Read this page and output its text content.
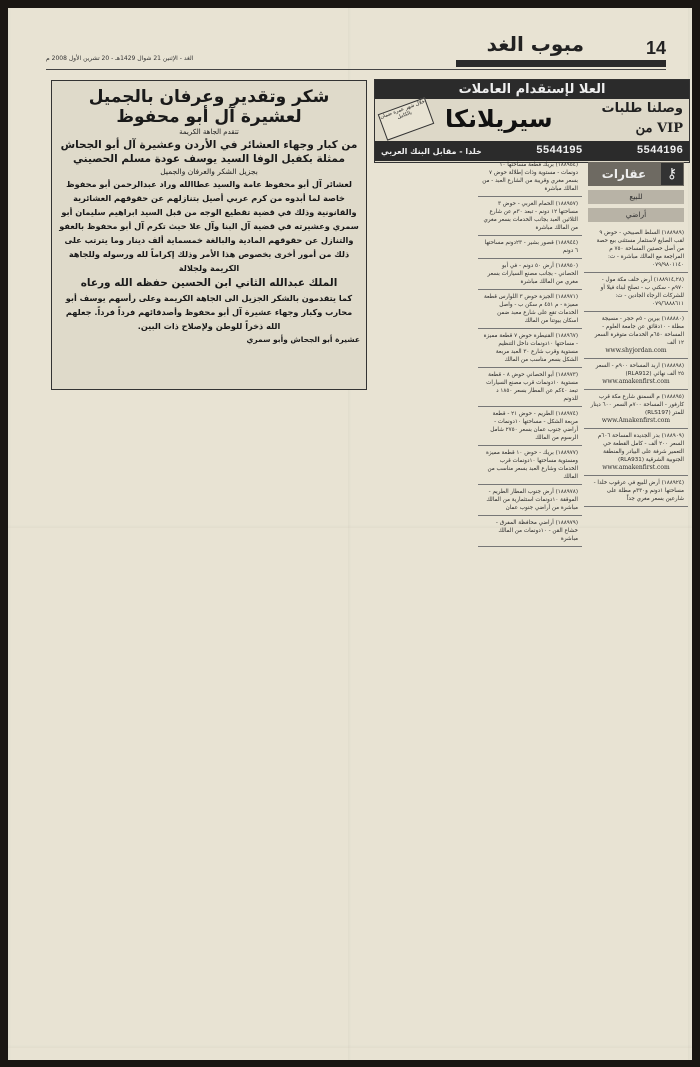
14
مبوب الغد
الغد - الإثنين 21 شوال 1429هـ - 20 تشرين الأول 2008 م
العلا لإستقدام العاملات
وصلنا طلبات
VIP من
سيريلانكا
خلال شهر عمرة ضمان بالكامل
خلدا - مقابل البنك العربي	5544195	5544196
شكر وتقدير وعرفان بالجميل
لعشيرة آل أبو محفوظ
تتقدم الجاهة الكريمة
من كبار وجهاء العشائر في الأردن وعشيرة آل أبو الجحاش
ممثلة بكفيل الوفا السيد يوسف عودة مسلم الحصيني
بجزيل الشكر والعرفان والجميل
لعشائر آل أبو محفوظ عامة والسيد عطاالله وراد عبدالرحمن أبو محفوظ خاصة لما أبدوه من كرم عربي أصيل بتنازلهم عن حقوقهم العشائرية والقانونية وذلك في قضية تقطيع الوجه من قبل السيد ابراهيم سليمان أبو سمري وعشيرته في قضية آل البنا وآل علا حيث تكرم آل أبو محفوظ بالعفو والتنازل عن حقوقهم المادية والبالغة خمسماية ألف دينار وما يترتب على ذلك من أمور أخرى بخصوص هذا الأمر وذلك إكراماً لله ورسوله وللجاهة الكريمة ولجلالة
الملك عبدالله الثاني ابن الحسين حفظه الله ورعاه
كما يتقدمون بالشكر الجزيل الى الجاهة الكريمة وعلى رأسهم يوسف أبو محارب وكبار وجهاء عشيرة آل أبو محفوظ وأصدقائهم فرداً فرداً. جعلهم الله ذخراً للوطن ولإصلاح ذات البين.
عشيرة أبو الجحاش وأبو سمري
⚷
عقارات
للبيع
أراضي
(١٨٨٩٨٩) السلط الصبيحي - حوض ٩ لقب الصايغ لاستثمار مستثنى بيع حصة من أصل حصتين المساحة ٧٥٠ م المراجعة مع المالك مباشرة - ت: ٠٧٩/٩٨٠١١٤٠
(١٨٨٩١٤,٢٨) أرض خلف مكة مول - ٩٧٠م - سكني ب - تصلح لبناء فيلا أو للشركات الرجاء الجادين - ت: ٠٧٩/٦٨٨٨٦١١
(١٨٨٨٨٠) بيرين - ٥م حجر - مسيجة مطلة - ١٠دقائق عن جامعة العلوم - المساحة ٦٥٠م الخدمات متوفرة السعر ١٢ ألف
www.shyjordan.com
(١٨٨٨٩٨) اربد المساحة ٩٠٠م - السعر ٢٥ ألف نهائي (RLA912)
www.amakenfirst.com
(١٨٨٨٩٥) م السمنق شارع مكة قرب كارفور - المساحة ٧٠٠م السعر ٦٠٠ دينار للمتر (RLS197)
www.Amakenfirst.com
(١٨٨٩٠٩) بدر الجديدة المساحة ٦٠٦م السعر ٢٠٠ ألف - كامل القطعة حي التعمير شرفة على البيادر والمنطقة الجنوبية الشرقية (RLA931)
www.amakenfirst.com
(١٨٨٩٢٤) أرض للبيع في عرقوب خلدا - مساحتها ١دونم و٣٣٠م مطلة على شارعين بسعر مغري جداً
(١٨٨٩٥٤) بريك قطعة مساحتها ١٠ دونمات - مستوية وذات إطلالة حوض ٧ بسعر مغري وقريبة من الشارع العبد - من المالك مباشرة
(١٨٨٩٥٧) الحمام الغربي - حوض ٣ مساحتها ١٢ دونم - تبعد ٣٠م عن شارع الثلاثين العبد بجانب الخدمات بسعر مغري من المالك مباشرة
(١٨٨٩٤٤) قصور بشير - ٢٣دونم مساحتها ٦ دونم
(١٨٨٩٥٠) أرض ٥٠ دونم - في أبو الحصاني - بجانب مصنع السيارات بسعر مغري من المالك مباشرة
(١٨٨٩٧١) الجيزة حوض ٣ اللوارس قطعة مميزة - م ٤٥١ م سكن ب - واصل الخدمات تقع على شارع معبد ضمن اسكان بيوتنا من المالك
(١٨٨٩٦٧) القنيطرة حوض ٧ قطعة مميزة - مساحتها ١٠دونمات داخل التنظيم مستوية وقرب شارع ٣٠ العبد مربعة الشكل بسعر مناسب من المالك
(١٨٨٩٧٣) أبو الحصاني حوض ٨ - قطعة مستوية ١٠دونمات قرب مصنع السيارات تبعد ٤٠كم عن المطار بسعر ١٨٥٠ د للدونم
(١٨٨٩٧٤) الطريم - حوض ٢١ - قطعة مربعة الشكل - مساحتها ١٠دونمات - أراضي جنوب عمان بسعر ٢٧٥٠ شامل الرسوم من المالك
(١٨٨٩٧٧) بريك - حوض ١٠ قطعة مميزة ومستوية مساحتها ١٠دونمات قرب الخدمات وشارع العبد بسعر مناسب من المالك
(١٨٨٩٧٨) أرض جنوب المطار الطريم - الموققة ١٠دونمات استثمارية من المالك مباشرة من أراضي جنوب عمان
(١٨٨٩٧٩) أراضي محافظة المفرق - خشاع القن - ١٠دونمات من المالك مباشرة
